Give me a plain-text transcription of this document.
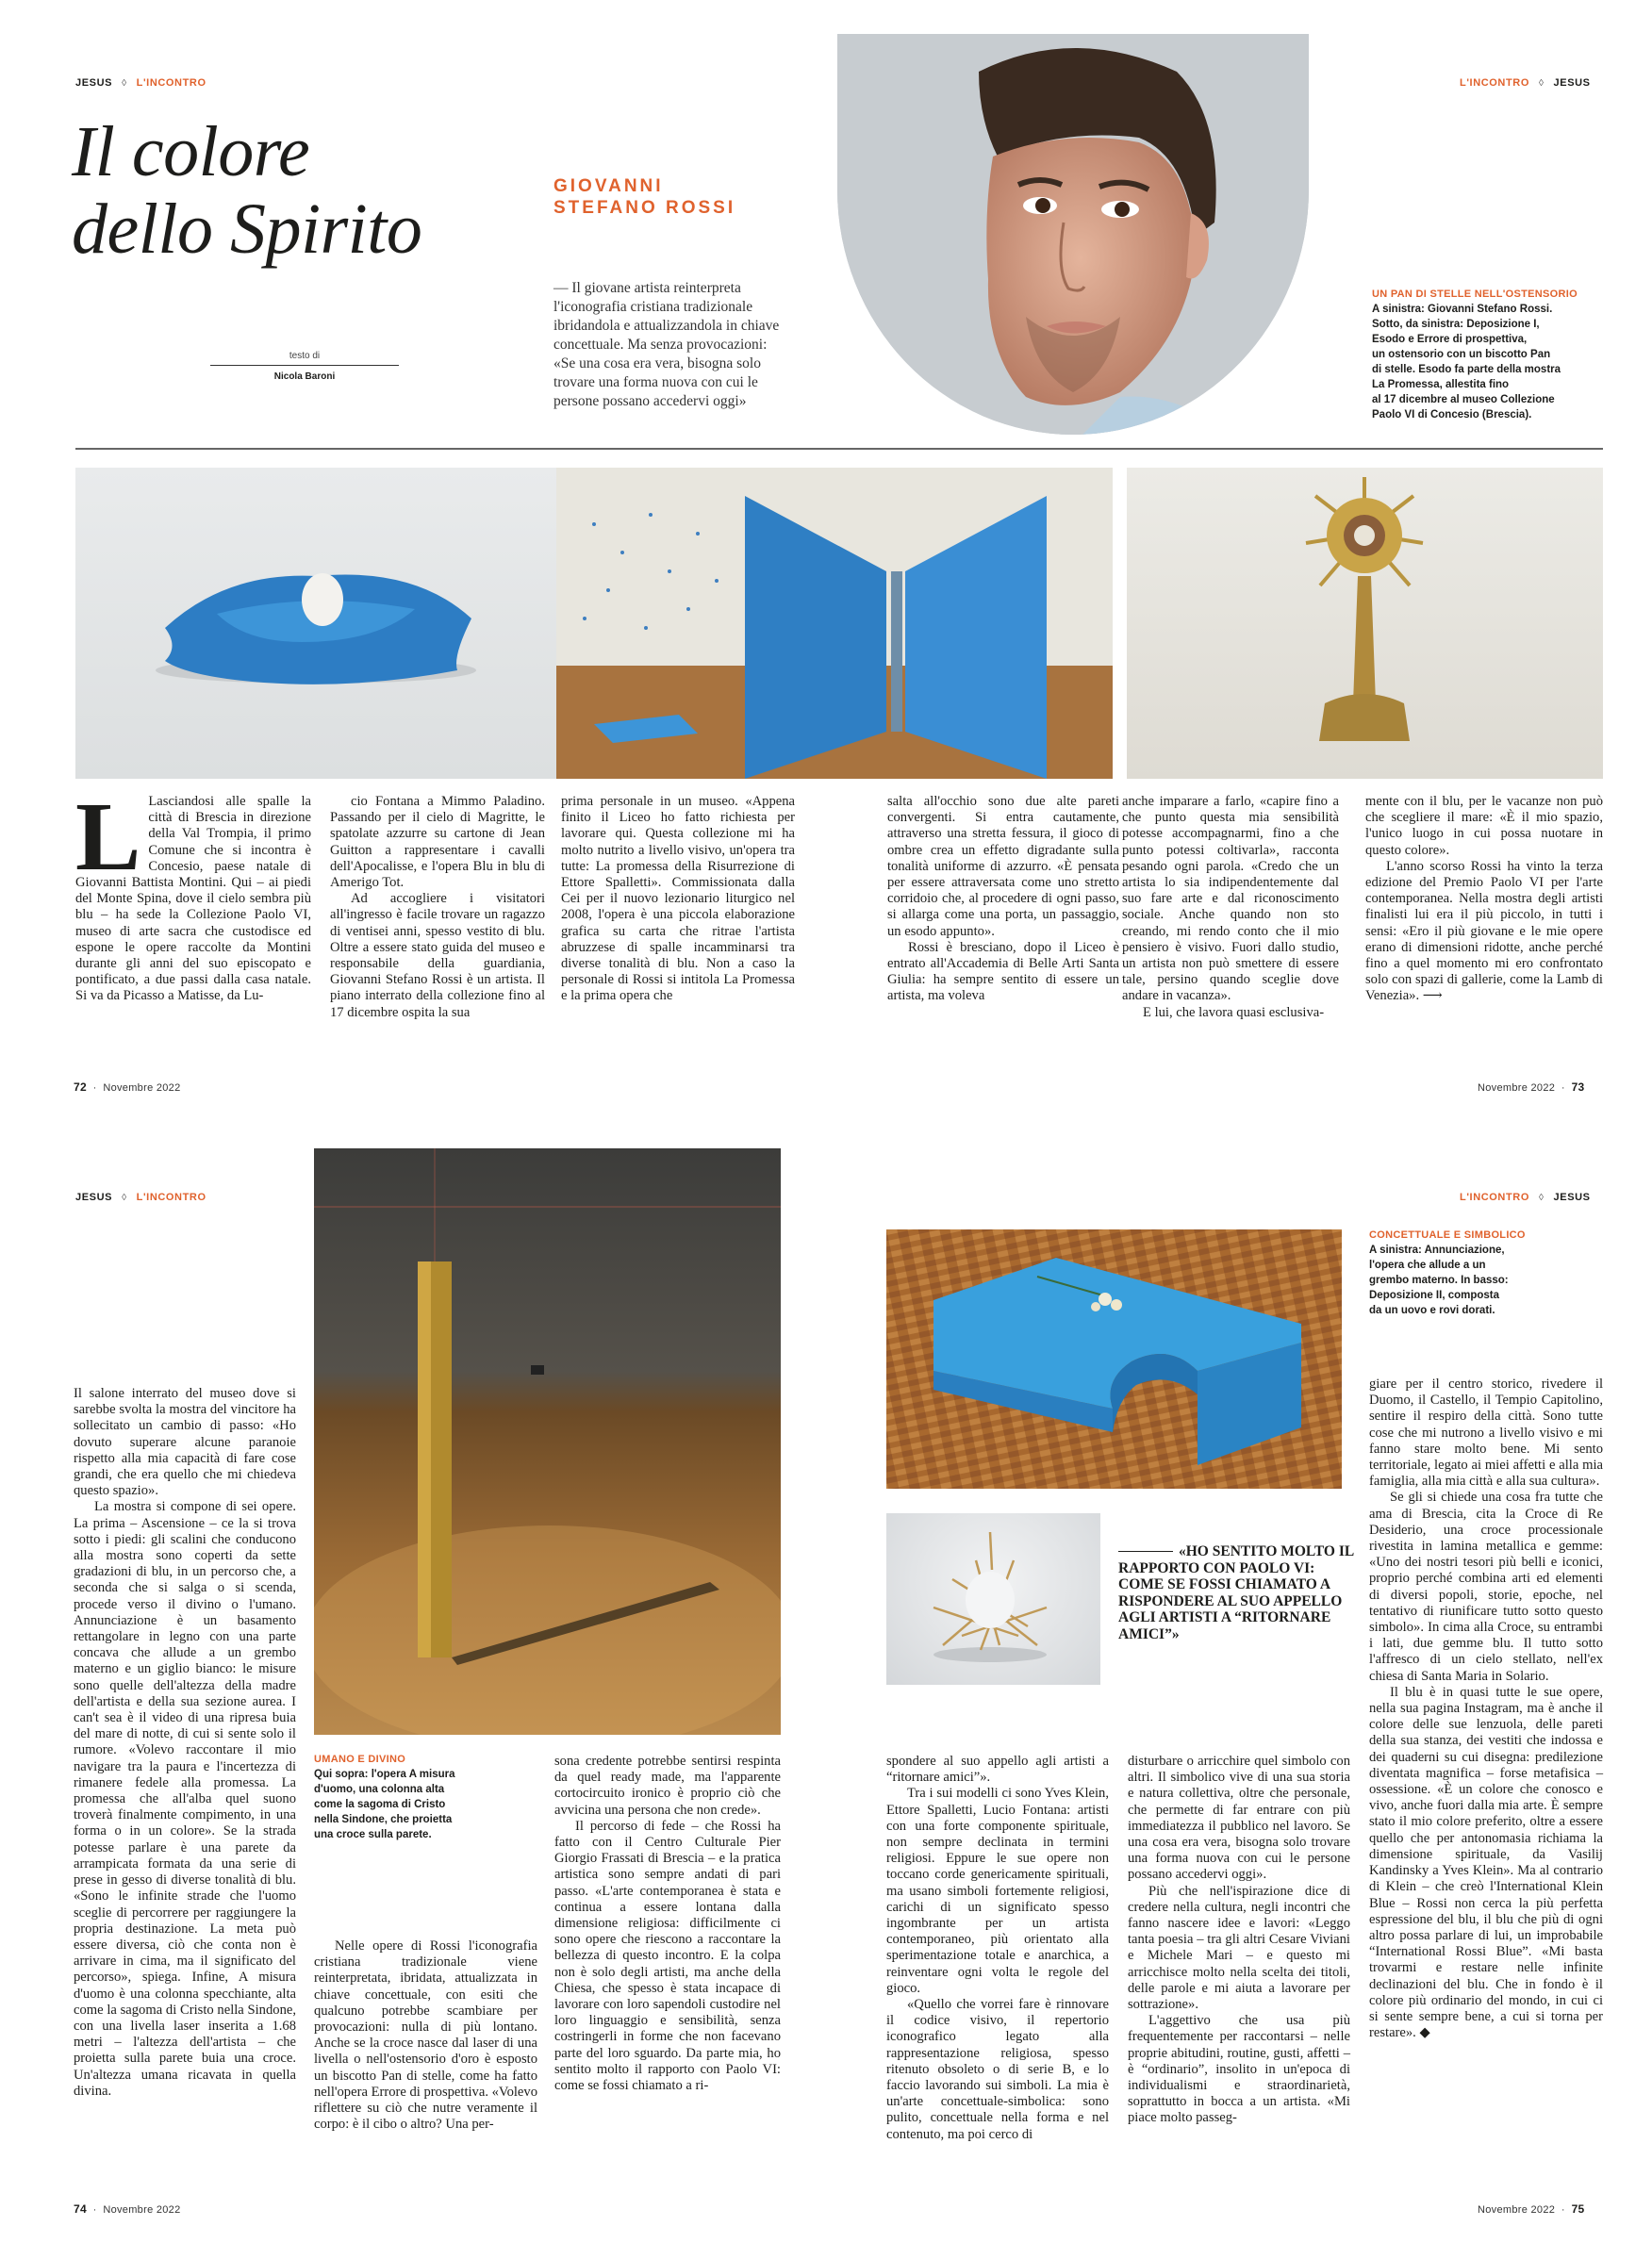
JESUS ◊ L'INCONTRO
Il colore
dello Spirito
testo di
Nicola Baroni
GIOVANNI
STEFANO ROSSI
— Il giovane artista reinterpreta l'iconografia cristiana tradizionale ibridandola e attualizzandola in chiave concettuale. Ma senza provocazioni: «Se una cosa era vera, bisogna solo trovare una forma nuova con cui le persone possano accedervi oggi»
L'INCONTRO ◊ JESUS
UN PAN DI STELLE NELL'OSTENSORIO
A sinistra: Giovanni Stefano Rossi.
Sotto, da sinistra: Deposizione I,
Esodo e Errore di prospettiva,
un ostensorio con un biscotto Pan
di stelle. Esodo fa parte della mostra
La Promessa, allestita fino
al 17 dicembre al museo Collezione
Paolo VI di Concesio (Brescia).

L Lasciandosi alle spalle la città di Brescia in direzione della Val Trompia, il primo Comune che si incontra è Concesio, paese natale di Giovanni Battista Montini. Qui – ai piedi del Monte Spina, dove il cielo sembra più blu – ha sede la Collezione Paolo VI, museo di arte sacra che custodisce ed espone le opere raccolte da Montini durante gli anni del suo episcopato e pontificato, a due passi dalla casa natale. Si va da Picasso a Matisse, da Lu-

cio Fontana a Mimmo Paladino. Passando per il cielo di Magritte, le spatolate azzurre su cartone di Jean Guitton a rappresentare i cavalli dell'Apocalisse, e l'opera Blu in blu di Amerigo Tot.

Ad accogliere i visitatori all'ingresso è facile trovare un ragazzo di ventisei anni, spesso vestito di blu. Oltre a essere stato guida del museo e responsabile della guardiania, Giovanni Stefano Rossi è un artista. Il piano interrato della collezione fino al 17 dicembre ospita la sua

prima personale in un museo. «Appena finito il Liceo ho fatto richiesta per lavorare qui. Questa collezione mi ha molto nutrito a livello visivo, un'opera tra tutte: La promessa della Risurrezione di Ettore Spalletti». Commissionata dalla Cei per il nuovo lezionario liturgico nel 2008, l'opera è una piccola elaborazione grafica su carta che ritrae l'artista abruzzese di spalle incamminarsi tra diverse tonalità di blu. Non a caso la personale di Rossi si intitola La Promessa e la prima opera che

salta all'occhio sono due alte pareti convergenti. Si entra cautamente, attraverso una stretta fessura, il gioco di ombre crea un effetto digradante sulla tonalità uniforme di azzurro. «È pensata per essere attraversata come uno stretto corridoio che, al procedere di ogni passo, si allarga come una porta, un passaggio, un esodo appunto».

Rossi è bresciano, dopo il Liceo è entrato all'Accademia di Belle Arti Santa Giulia: ha sempre sentito di essere un artista, ma voleva

anche imparare a farlo, «capire fino a che punto questa mia sensibilità potesse accompagnarmi, fino a che punto potessi coltivarla», racconta pesando ogni parola. «Credo che un artista lo sia indipendentemente dal suo fare arte e dal riconoscimento sociale. Anche quando non sto creando, mi rendo conto che il mio pensiero è visivo. Fuori dallo studio, un artista non può smettere di essere tale, persino quando sceglie dove andare in vacanza».

E lui, che lavora quasi esclusiva-

mente con il blu, per le vacanze non può che scegliere il mare: «È il mio spazio, l'unico luogo in cui possa nuotare in questo colore».

L'anno scorso Rossi ha vinto la terza edizione del Premio Paolo VI per l'arte contemporanea. Nella mostra degli artisti finalisti lui era il più piccolo, in tutti i sensi: «Ero il più giovane e le mie opere erano di dimensioni ridotte, anche perché fino a quel momento mi ero confrontato solo con spazi di gallerie, come la Lamb di Venezia». ⟶

72  ·  Novembre 2022	Novembre 2022  ·  73
JESUS ◊ L'INCONTRO	L'INCONTRO ◊ JESUS
CONCETTUALE E SIMBOLICO
A sinistra: Annunciazione,
l'opera che allude a un
grembo materno. In basso:
Deposizione II, composta
da un uovo e rovi dorati.
«HO SENTITO MOLTO IL RAPPORTO CON PAOLO VI: COME SE FOSSI CHIAMATO A RISPONDERE AL SUO APPELLO AGLI ARTISTI A “RITORNARE AMICI”»
UMANO E DIVINO
Qui sopra: l'opera A misura
d'uomo, una colonna alta
come la sagoma di Cristo
nella Sindone, che proietta
una croce sulla parete.

Il salone interrato del museo dove si sarebbe svolta la mostra del vincitore ha sollecitato un cambio di passo: «Ho dovuto superare alcune paranoie rispetto alla mia capacità di fare cose grandi, che era quello che mi chiedeva questo spazio».

La mostra si compone di sei opere. La prima – Ascensione – ce la si trova sotto i piedi: gli scalini che conducono alla mostra sono coperti da sette gradazioni di blu, in un percorso che, a seconda che si salga o si scenda, procede verso il divino o l'umano. Annunciazione è un basamento rettangolare in legno con una parte concava che allude a un grembo materno e un giglio bianco: le misure sono quelle dell'altezza della madre dell'artista e della sua sezione aurea. I can't sea è il video di una ripresa buia del mare di notte, di cui si sente solo il rumore. «Volevo raccontare il mio navigare tra la paura e l'incertezza di rimanere fedele alla promessa. La promessa che all'alba quel suono troverà finalmente compimento, in una forma o in un colore». Se la strada potesse parlare è una parete da arrampicata formata da una serie di prese in gesso di diverse tonalità di blu. «Sono le infinite strade che l'uomo sceglie di percorrere per raggiungere la propria destinazione. La meta può essere diversa, ciò che conta non è arrivare in cima, ma il significato del percorso», spiega. Infine, A misura d'uomo è una colonna specchiante, alta come la sagoma di Cristo nella Sindone, con una livella laser inserita a 1.68 metri – l'altezza dell'artista – che proietta sulla parete buia una croce. Un'altezza umana ricavata in quella divina.

Nelle opere di Rossi l'iconografia cristiana tradizionale viene reinterpretata, ibridata, attualizzata in chiave concettuale, con esiti che qualcuno potrebbe scambiare per provocazioni: nulla di più lontano. Anche se la croce nasce dal laser di una livella o nell'ostensorio d'oro è esposto un biscotto Pan di stelle, come ha fatto nell'opera Errore di prospettiva. «Volevo riflettere su ciò che nutre veramente il corpo: è il cibo o altro? Una per-

sona credente potrebbe sentirsi respinta da quel ready made, ma l'apparente cortocircuito ironico è proprio ciò che avvicina una persona che non crede».

Il percorso di fede – che Rossi ha fatto con il Centro Culturale Pier Giorgio Frassati di Brescia – e la pratica artistica sono sempre andati di pari passo. «L'arte contemporanea è stata e continua a essere lontana dalla dimensione religiosa: difficilmente ci sono opere che riescono a raccontare la bellezza di questo incontro. E la colpa non è solo degli artisti, ma anche della Chiesa, che spesso è stata incapace di lavorare con loro sapendoli custodire nel loro linguaggio e sensibilità, senza costringerli in forme che non facevano parte del loro sguardo. Da parte mia, ho sentito molto il rapporto con Paolo VI: come se fossi chiamato a ri-

spondere al suo appello agli artisti a “ritornare amici”».

Tra i sui modelli ci sono Yves Klein, Ettore Spalletti, Lucio Fontana: artisti con una forte componente spirituale, non sempre declinata in termini religiosi. Eppure le sue opere non toccano corde genericamente spirituali, ma usano simboli fortemente religiosi, carichi di un significato spesso ingombrante per un artista contemporaneo, più orientato alla sperimentazione totale e anarchica, a reinventare ogni volta le regole del gioco.

«Quello che vorrei fare è rinnovare il codice visivo, il repertorio iconografico legato alla rappresentazione religiosa, spesso ritenuto obsoleto o di serie B, e lo faccio lavorando sui simboli. La mia è un'arte concettuale-simbolica: sono pulito, concettuale nella forma e nel contenuto, ma poi cerco di

disturbare o arricchire quel simbolo con altri. Il simbolico vive di una sua storia e natura collettiva, oltre che personale, che permette di far entrare con più immediatezza il pubblico nel lavoro. Se una cosa era vera, bisogna solo trovare una forma nuova con cui le persone possano accedervi oggi».

Più che nell'ispirazione dice di credere nella cultura, negli incontri che fanno nascere idee e lavori: «Leggo tanta poesia – tra gli altri Cesare Viviani e Michele Mari – e questo mi arricchisce molto nella scelta dei titoli, delle parole e mi aiuta a lavorare per sottrazione».

L'aggettivo che usa più frequentemente per raccontarsi – nelle proprie abitudini, routine, gusti, affetti – è “ordinario”, insolito in un'epoca di individualismi e straordinarietà, soprattutto in bocca a un artista. «Mi piace molto passeg-

giare per il centro storico, rivedere il Duomo, il Castello, il Tempio Capitolino, sentire il respiro della città. Sono tutte cose che mi nutrono a livello visivo e mi fanno stare molto bene. Mi sento territoriale, legato ai miei affetti e alla mia famiglia, alla mia città e alla sua cultura».

Se gli si chiede una cosa fra tutte che ama di Brescia, cita la Croce di Re Desiderio, una croce processionale rivestita in lamina metallica e gemme: «Uno dei nostri tesori più belli e iconici, proprio perché combina arti ed elementi di diversi popoli, storie, epoche, nel tentativo di riunificare tutto sotto questo simbolo». In cima alla Croce, su entrambi i lati, due gemme blu. Il tutto sotto l'affresco di un cielo stellato, nell'ex chiesa di Santa Maria in Solario.

Il blu è in quasi tutte le sue opere, nella sua pagina Instagram, ma è anche il colore delle sue lenzuola, delle pareti della sua stanza, dei vestiti che indossa e dei quaderni su cui disegna: predilezione diventata magnifica – forse metafisica – ossessione. «È un colore che conosco e vivo, anche fuori dalla mia arte. È sempre stato il mio colore preferito, oltre a essere quello che per antonomasia richiama la dimensione spirituale, da Vasilij Kandinsky a Yves Klein». Ma al contrario di Klein – che creò l'International Klein Blue – Rossi non cerca la più perfetta espressione del blu, il blu che più di ogni altro possa parlare di lui, un improbabile “International Rossi Blue”. «Mi basta trovarmi e restare nelle infinite declinazioni del blu. Che in fondo è il colore più ordinario del mondo, in cui ci si sente sempre bene, a cui si torna per restare». ◆

74  ·  Novembre 2022	Novembre 2022  ·  75
